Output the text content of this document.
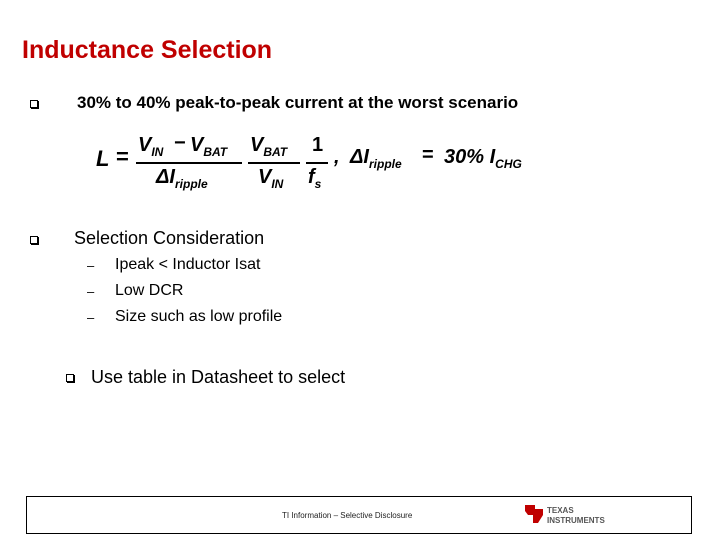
Inductance Selection
30% to 40% peak-to-peak current at the worst scenario
$L = V_{IN} - V_{BAT}$
$\Delta I_{ripple}$
$V_{BAT}$
$V_{IN}$
1
$f_s$
, $\Delta I_{ripple} = 30\%$ $I_{CHG}$
Selection Consideration
– Ipeak < Inductor Isat
– Low DCR
– Size such as low profile
Use table in Datasheet to select
TI Information – Selective Disclosure
TEXAS
INSTRUMENTS
